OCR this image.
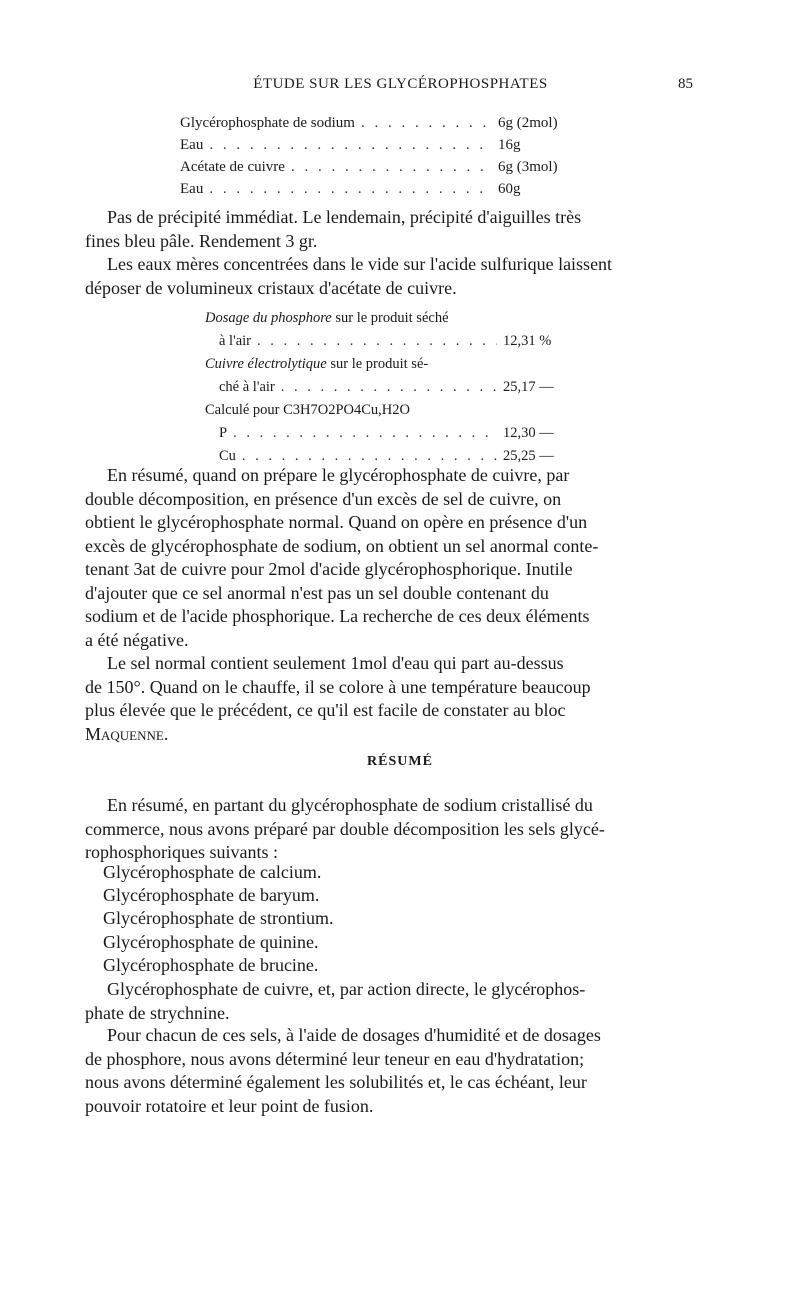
ÉTUDE SUR LES GLYCÉROPHOSPHATES	85
Glycérophosphate de sodium . . .	6g (2mol)
Eau . . .	16g
Acétate de cuivre . . .	6g (3mol)
Eau . . .	60g
Pas de précipité immédiat. Le lendemain, précipité d'aiguilles très
fines bleu pâle. Rendement 3 gr.
Les eaux mères concentrées dans le vide sur l'acide sulfurique laissent
déposer de volumineux cristaux d'acétate de cuivre.
Dosage du phosphore sur le produit séché
à l'air . . .	12,31 %
Cuivre électrolytique sur le produit sé-
ché à l'air . . .	25,17 —
Calculé pour C3H7O2PO4Cu,H2O
P . . .	12,30 —
Cu . . .	25,25 —
En résumé, quand on prépare le glycérophosphate de cuivre, par
double décomposition, en présence d'un excès de sel de cuivre, on
obtient le glycérophosphate normal. Quand on opère en présence d'un
excès de glycérophosphate de sodium, on obtient un sel anormal conte-
tenant 3at de cuivre pour 2mol d'acide glycérophosphorique. Inutile
d'ajouter que ce sel anormal n'est pas un sel double contenant du
sodium et de l'acide phosphorique. La recherche de ces deux éléments
a été négative.
Le sel normal contient seulement 1mol d'eau qui part au-dessus
de 150°. Quand on le chauffe, il se colore à une température beaucoup
plus élevée que le précédent, ce qu'il est facile de constater au bloc
Maquenne.
RÉSUMÉ
En résumé, en partant du glycérophosphate de sodium cristallisé du
commerce, nous avons préparé par double décomposition les sels glycé-
rophosphoriques suivants :
Glycérophosphate de calcium.
Glycérophosphate de baryum.
Glycérophosphate de strontium.
Glycérophosphate de quinine.
Glycérophosphate de brucine.
Glycérophosphate de cuivre, et, par action directe, le glycérophos-
phate de strychnine.
Pour chacun de ces sels, à l'aide de dosages d'humidité et de dosages
de phosphore, nous avons déterminé leur teneur en eau d'hydratation;
nous avons déterminé également les solubilités et, le cas échéant, leur
pouvoir rotatoire et leur point de fusion.
